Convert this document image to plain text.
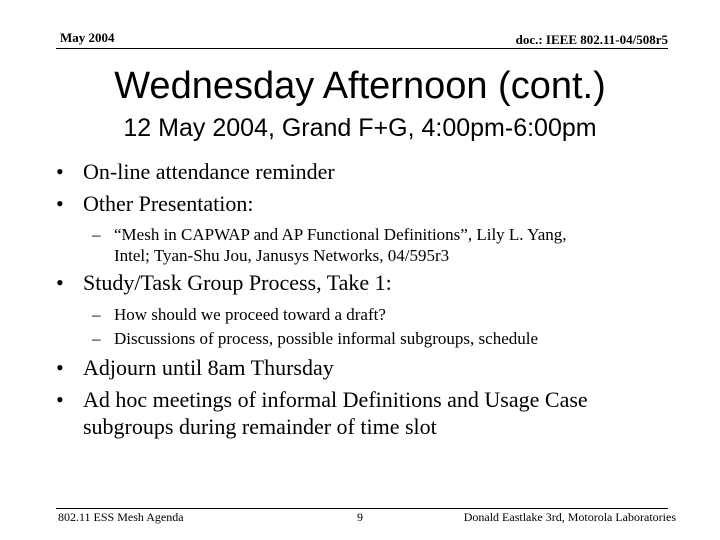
May 2004	doc.: IEEE 802.11-04/508r5
Wednesday Afternoon (cont.)
12 May 2004, Grand F+G, 4:00pm-6:00pm
• On-line attendance reminder
• Other Presentation:
– “Mesh in CAPWAP and AP Functional Definitions”, Lily L. Yang,
Intel; Tyan-Shu Jou, Janusys Networks, 04/595r3
• Study/Task Group Process, Take 1:
– How should we proceed toward a draft?
– Discussions of process, possible informal subgroups, schedule
• Adjourn until 8am Thursday
• Ad hoc meetings of informal Definitions and Usage Case
subgroups during remainder of time slot
802.11 ESS Mesh Agenda	9	Donald Eastlake 3rd, Motorola Laboratories
